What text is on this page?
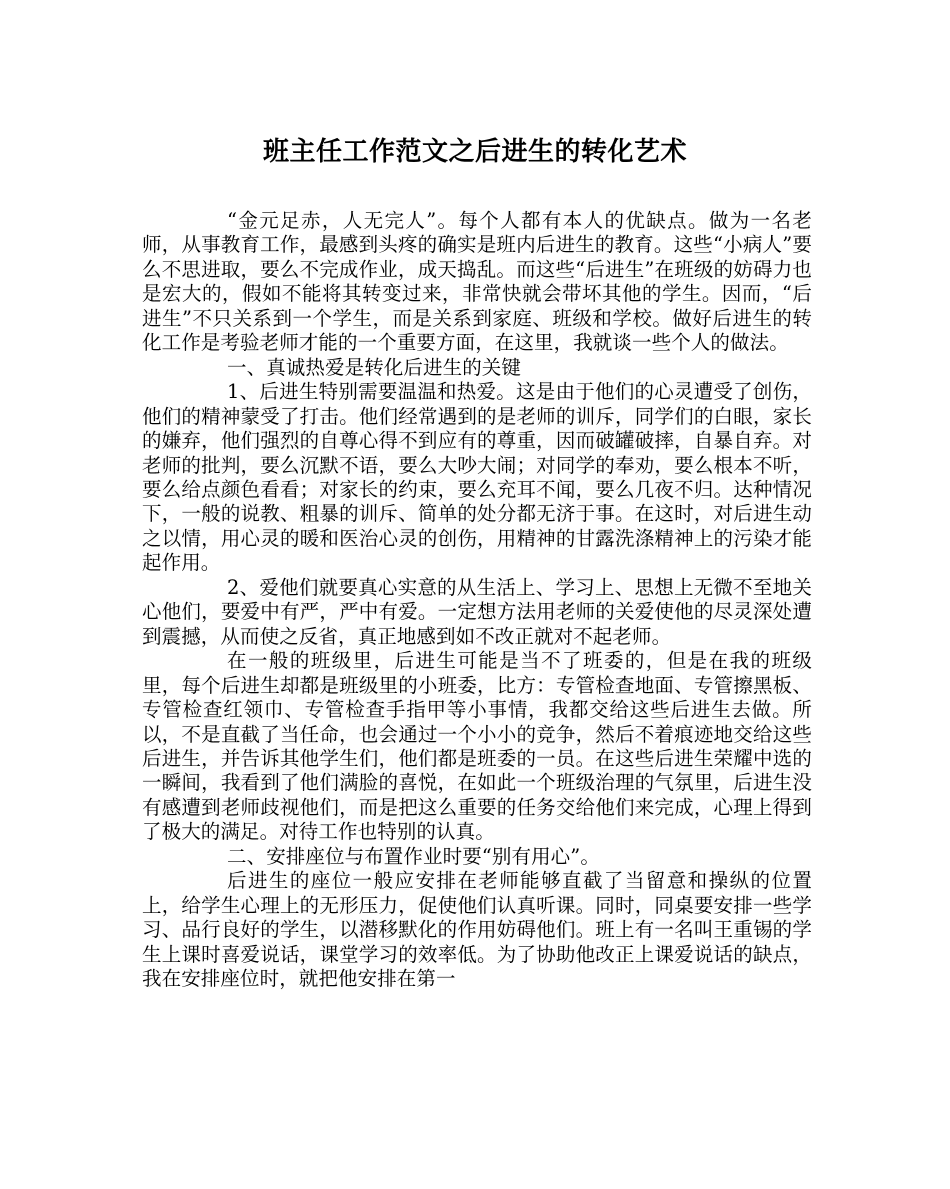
班主任工作范文之后进生的转化艺术

“金元足赤，人无完人”。每个人都有本人的优缺点。做为一名老师，从事教育工作，最感到头疼的确实是班内后进生的教育。这些“小病人”要么不思进取，要么不完成作业，成天捣乱。而这些“后进生”在班级的妨碍力也是宏大的，假如不能将其转变过来，非常快就会带坏其他的学生。因而，“后进生”不只关系到一个学生，而是关系到家庭、班级和学校。做好后进生的转化工作是考验老师才能的一个重要方面，在这里，我就谈一些个人的做法。

一、真诚热爱是转化后进生的关键

1、后进生特别需要温温和热爱。这是由于他们的心灵遭受了创伤，他们的精神蒙受了打击。他们经常遇到的是老师的训斥，同学们的白眼，家长的嫌弃，他们强烈的自尊心得不到应有的尊重，因而破罐破摔，自暴自弃。对老师的批判，要么沉默不语，要么大吵大闹；对同学的奉劝，要么根本不听，要么给点颜色看看；对家长的约束，要么充耳不闻，要么几夜不归。达种情况下，一般的说教、粗暴的训斥、简单的处分都无济于事。在这时，对后进生动之以情，用心灵的暖和医治心灵的创伤，用精神的甘露洗涤精神上的污染才能起作用。

2、爱他们就要真心实意的从生活上、学习上、思想上无微不至地关心他们，要爱中有严，严中有爱。一定想方法用老师的关爱使他的尽灵深处遭到震撼，从而使之反省，真正地感到如不改正就对不起老师。

在一般的班级里，后进生可能是当不了班委的，但是在我的班级里，每个后进生却都是班级里的小班委，比方：专管检查地面、专管擦黑板、专管检查红领巾、专管检查手指甲等小事情，我都交给这些后进生去做。所以，不是直截了当任命，也会通过一个小小的竞争，然后不着痕迹地交给这些后进生，并告诉其他学生们，他们都是班委的一员。在这些后进生荣耀中选的一瞬间，我看到了他们满脸的喜悦，在如此一个班级治理的气氛里，后进生没有感遭到老师歧视他们，而是把这么重要的任务交给他们来完成，心理上得到了极大的满足。对待工作也特别的认真。

二、安排座位与布置作业时要“别有用心”。

后进生的座位一般应安排在老师能够直截了当留意和操纵的位置上，给学生心理上的无形压力，促使他们认真听课。同时，同桌要安排一些学习、品行良好的学生，以潜移默化的作用妨碍他们。班上有一名叫王重锡的学生上课时喜爱说话，课堂学习的效率低。为了协助他改正上课爱说话的缺点，我在安排座位时，就把他安排在第一
